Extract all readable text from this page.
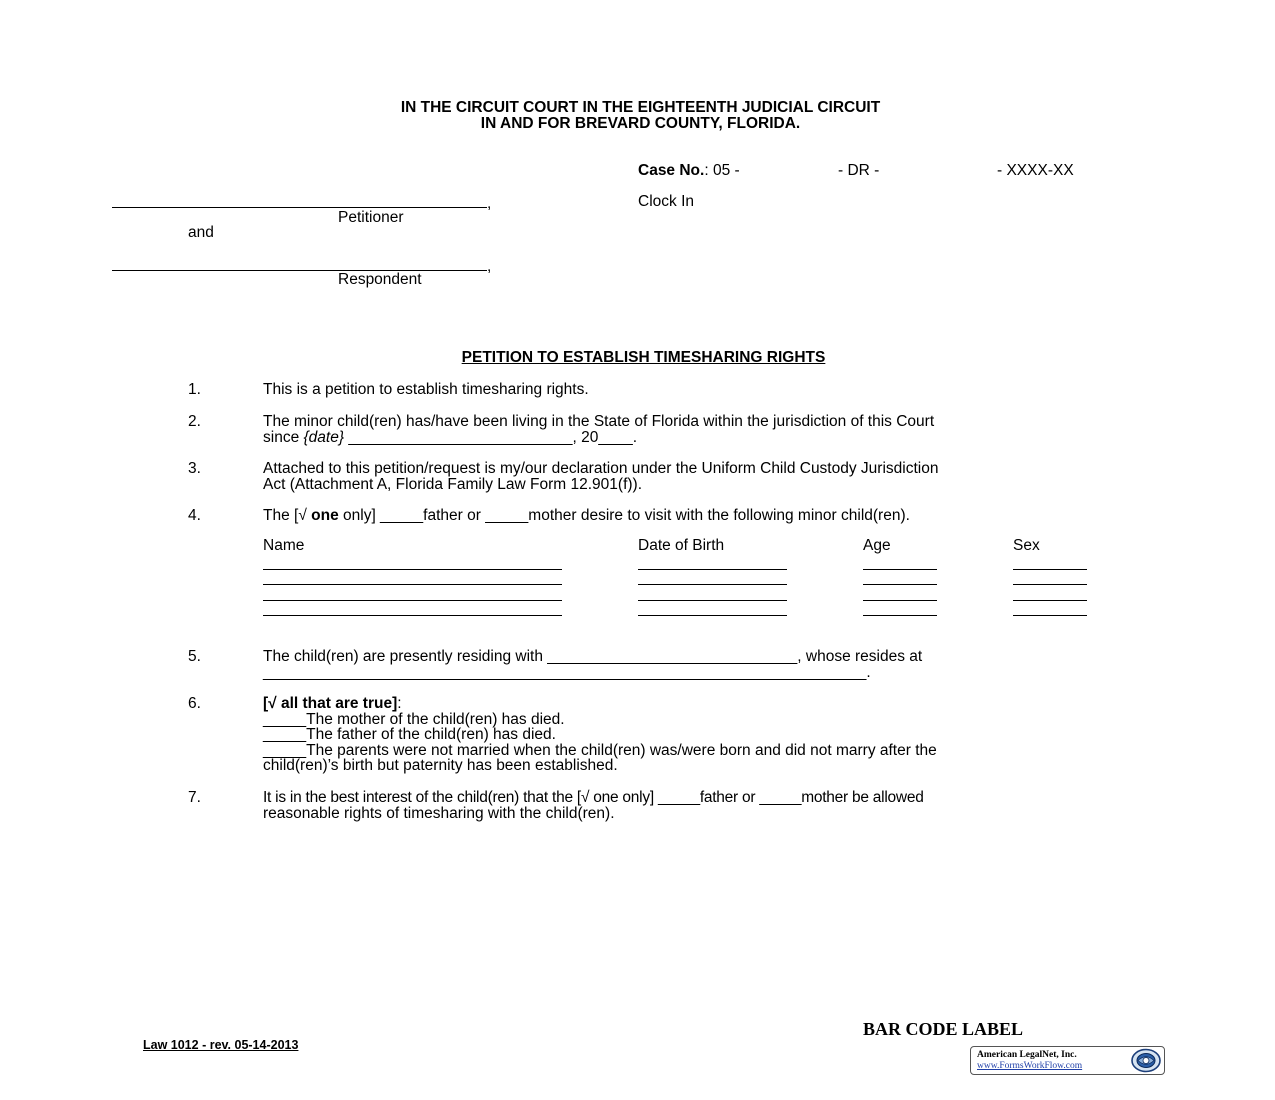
IN THE CIRCUIT COURT IN THE EIGHTEENTH JUDICIAL CIRCUIT
IN AND FOR BREVARD COUNTY, FLORIDA.
Case No.: 05 -	- DR -	- XXXX-XX
Clock In
,
Petitioner
and
,
Respondent
PETITION TO ESTABLISH TIMESHARING RIGHTS
1.	This is a petition to establish timesharing rights.
2.	The minor child(ren) has/have been living in the State of Florida within the jurisdiction of this Court
since {date} __________________________, 20____.
3.	Attached to this petition/request is my/our declaration under the Uniform Child Custody Jurisdiction
Act (Attachment A, Florida Family Law Form 12.901(f)).
4.	The [√ one only] _____father or _____mother desire to visit with the following minor child(ren).
Name	Date of Birth	Age	Sex
5.	The child(ren) are presently residing with _____________________________, whose resides at
______________________________________________________________________.
6.	[√ all that are true]:
_____The mother of the child(ren) has died.
_____The father of the child(ren) has died.
_____The parents were not married when the child(ren) was/were born and did not marry after the
child(ren)’s birth but paternity has been established.
7.	It is in the best interest of the child(ren) that the [√ one only] _____father or _____mother be allowed
reasonable rights of timesharing with the child(ren).
Law 1012 - rev. 05-14-2013
BAR CODE LABEL
American LegalNet, Inc.
www.FormsWorkFlow.com
